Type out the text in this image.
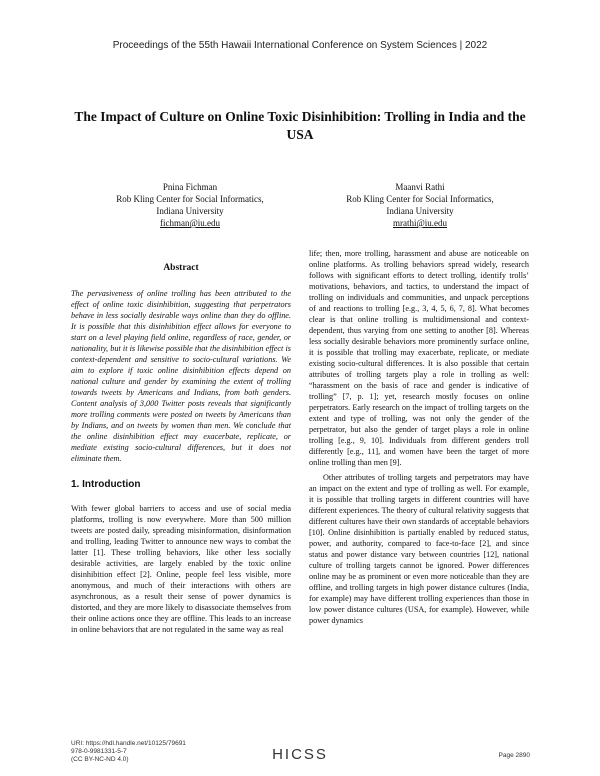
Proceedings of the 55th Hawaii International Conference on System Sciences | 2022
The Impact of Culture on Online Toxic Disinhibition: Trolling in India and the USA
Pnina Fichman
Rob Kling Center for Social Informatics,
Indiana University
fichman@iu.edu
Maanvi Rathi
Rob Kling Center for Social Informatics,
Indiana University
mrathi@iu.edu

Abstract

The pervasiveness of online trolling has been attributed to the effect of online toxic disinhibition, suggesting that perpetrators behave in less socially desirable ways online than they do offline. It is possible that this disinhibition effect allows for everyone to start on a level playing field online, regardless of race, gender, or nationality, but it is likewise possible that the disinhibition effect is context-dependent and sensitive to socio-cultural variations. We aim to explore if toxic online disinhibition effects depend on national culture and gender by examining the extent of trolling towards tweets by Americans and Indians, from both genders. Content analysis of 3,000 Twitter posts reveals that significantly more trolling comments were posted on tweets by Americans than by Indians, and on tweets by women than men. We conclude that the online disinhibition effect may exacerbate, replicate, or mediate existing socio-cultural differences, but it does not eliminate them.

1. Introduction

With fewer global barriers to access and use of social media platforms, trolling is now everywhere. More than 500 million tweets are posted daily, spreading misinformation, disinformation and trolling, leading Twitter to announce new ways to combat the latter [1]. These trolling behaviors, like other less socially desirable activities, are largely enabled by the toxic online disinhibition effect [2]. Online, people feel less visible, more anonymous, and much of their interactions with others are asynchronous, as a result their sense of power dynamics is distorted, and they are more likely to disassociate themselves from their online actions once they are offline. This leads to an increase in online behaviors that are not regulated in the same way as real

life; then, more trolling, harassment and abuse are noticeable on online platforms. As trolling behaviors spread widely, research follows with significant efforts to detect trolling, identify trolls’ motivations, behaviors, and tactics, to understand the impact of trolling on individuals and communities, and unpack perceptions of and reactions to trolling [e.g., 3, 4, 5, 6, 7, 8]. What becomes clear is that online trolling is multidimensional and context-dependent, thus varying from one setting to another [8]. Whereas less socially desirable behaviors more prominently surface online, it is possible that trolling may exacerbate, replicate, or mediate existing socio-cultural differences. It is also possible that certain attributes of trolling targets play a role in trolling as well: “harassment on the basis of race and gender is indicative of trolling” [7, p. 1]; yet, research mostly focuses on online perpetrators. Early research on the impact of trolling targets on the extent and type of trolling, was not only the gender of the perpetrator, but also the gender of target plays a role in online trolling [e.g., 9, 10]. Individuals from different genders troll differently [e.g., 11], and women have been the target of more online trolling than men [9].

Other attributes of trolling targets and perpetrators may have an impact on the extent and type of trolling as well. For example, it is possible that trolling targets in different countries will have different experiences. The theory of cultural relativity suggests that different cultures have their own standards of acceptable behaviors [10]. Online disinhibition is partially enabled by reduced status, power, and authority, compared to face-to-face [2], and since status and power distance vary between countries [12], national culture of trolling targets cannot be ignored. Power differences online may be as prominent or even more noticeable than they are offline, and trolling targets in high power distance cultures (India, for example) may have different trolling experiences than those in low power distance cultures (USA, for example). However, while power dynamics

URI: https://hdl.handle.net/10125/79691
978-0-9981331-5-7
(CC BY-NC-ND 4.0)	HICSS	Page 2890
